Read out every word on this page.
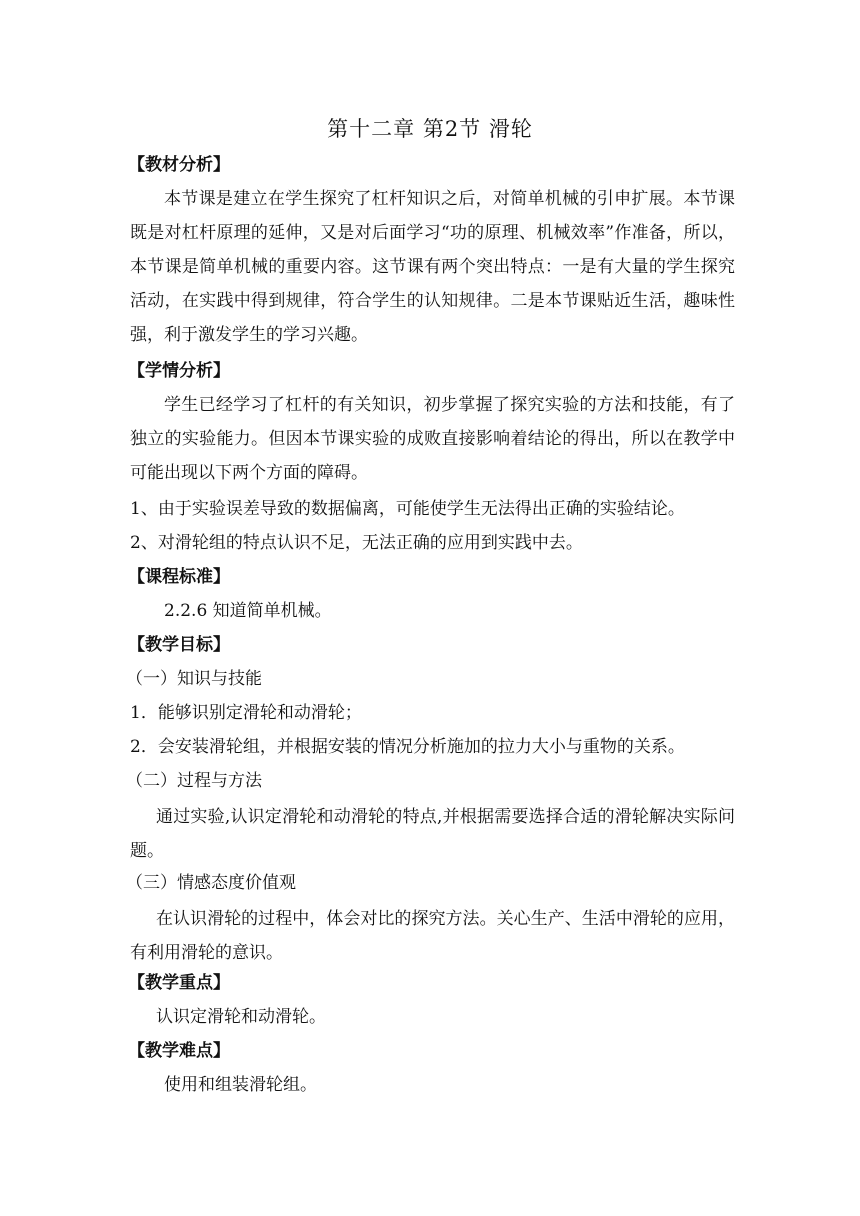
第十二章 第2节 滑轮
【教材分析】
本节课是建立在学生探究了杠杆知识之后，对简单机械的引申扩展。本节课既是对杠杆原理的延伸，又是对后面学习“功的原理、机械效率”作准备，所以，本节课是简单机械的重要内容。这节课有两个突出特点：一是有大量的学生探究活动，在实践中得到规律，符合学生的认知规律。二是本节课贴近生活，趣味性强，利于激发学生的学习兴趣。
【学情分析】
学生已经学习了杠杆的有关知识，初步掌握了探究实验的方法和技能，有了独立的实验能力。但因本节课实验的成败直接影响着结论的得出，所以在教学中可能出现以下两个方面的障碍。
1、由于实验误差导致的数据偏离，可能使学生无法得出正确的实验结论。
2、对滑轮组的特点认识不足，无法正确的应用到实践中去。
【课程标准】
2.2.6 知道简单机械。
【教学目标】
（一）知识与技能
1．能够识别定滑轮和动滑轮；
2．会安装滑轮组，并根据安装的情况分析施加的拉力大小与重物的关系。
（二）过程与方法
通过实验,认识定滑轮和动滑轮的特点,并根据需要选择合适的滑轮解决实际问题。
（三）情感态度价值观
在认识滑轮的过程中，体会对比的探究方法。关心生产、生活中滑轮的应用，有利用滑轮的意识。
【教学重点】
认识定滑轮和动滑轮。
【教学难点】
使用和组装滑轮组。
